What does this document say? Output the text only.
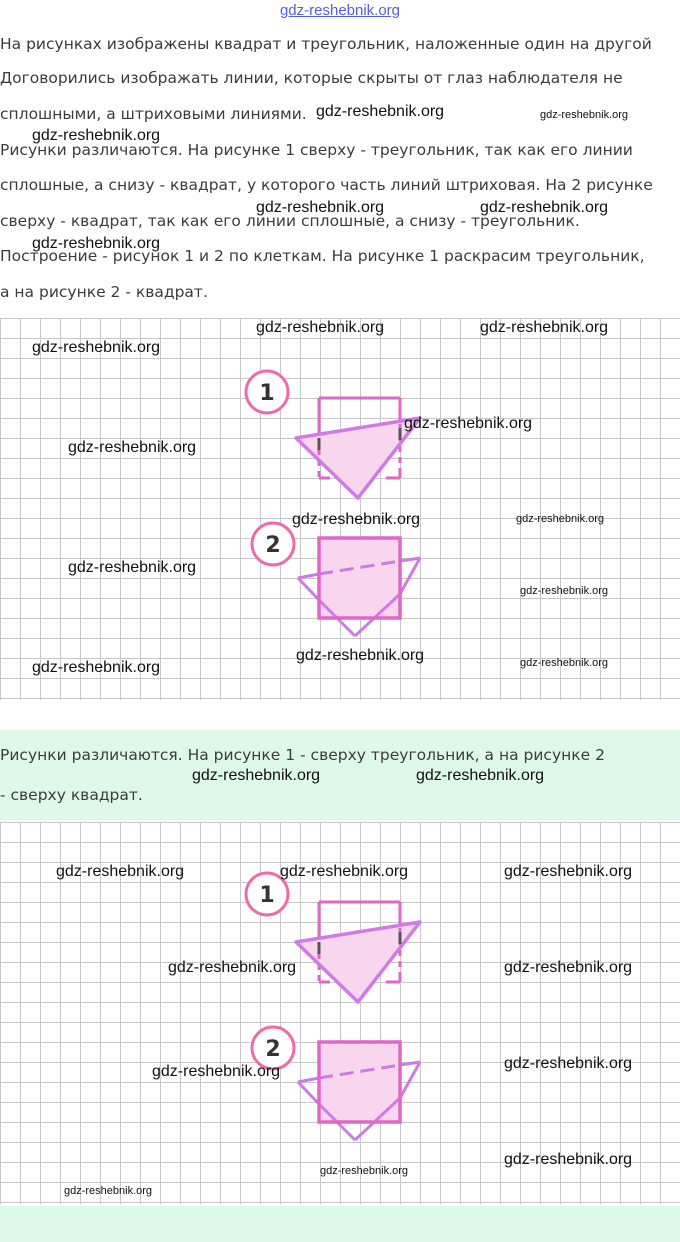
gdz-reshebnik.org
На рисунках изображены квадрат и треугольник, наложенные один на другой
Договорились изображать линии, которые скрыты от глаз наблюдателя не
сплошными, а штриховыми линиями.
Рисунки различаются. На рисунке 1 сверху - треугольник, так как его линии
сплошные, а снизу - квадрат, у которого часть линий штриховая. На 2 рисунке
сверху - квадрат, так как его линии сплошные, а снизу - треугольник.
Построение - рисунок 1 и 2 по клеткам. На рисунке 1 раскрасим треугольник,
а на рисунке 2 - квадрат.
1
2
Рисунки различаются. На рисунке 1 - сверху треугольник, а на рисунке 2
- сверху квадрат.
1
2
gdz-reshebnik.org	gdz-reshebnik.org
gdz-reshebnik.org
gdz-reshebnik.org	gdz-reshebnik.org
gdz-reshebnik.org
gdz-reshebnik.org	gdz-reshebnik.org
gdz-reshebnik.org
gdz-reshebnik.org
gdz-reshebnik.org
gdz-reshebnik.org	gdz-reshebnik.org
gdz-reshebnik.org
gdz-reshebnik.org
gdz-reshebnik.org
gdz-reshebnik.org	gdz-reshebnik.org
gdz-reshebnik.org	gdz-reshebnik.org
gdz-reshebnik.org	gdz-reshebnik.org	gdz-reshebnik.org
gdz-reshebnik.org	gdz-reshebnik.org
gdz-reshebnik.org
gdz-reshebnik.org
gdz-reshebnik.org
gdz-reshebnik.org
gdz-reshebnik.org
